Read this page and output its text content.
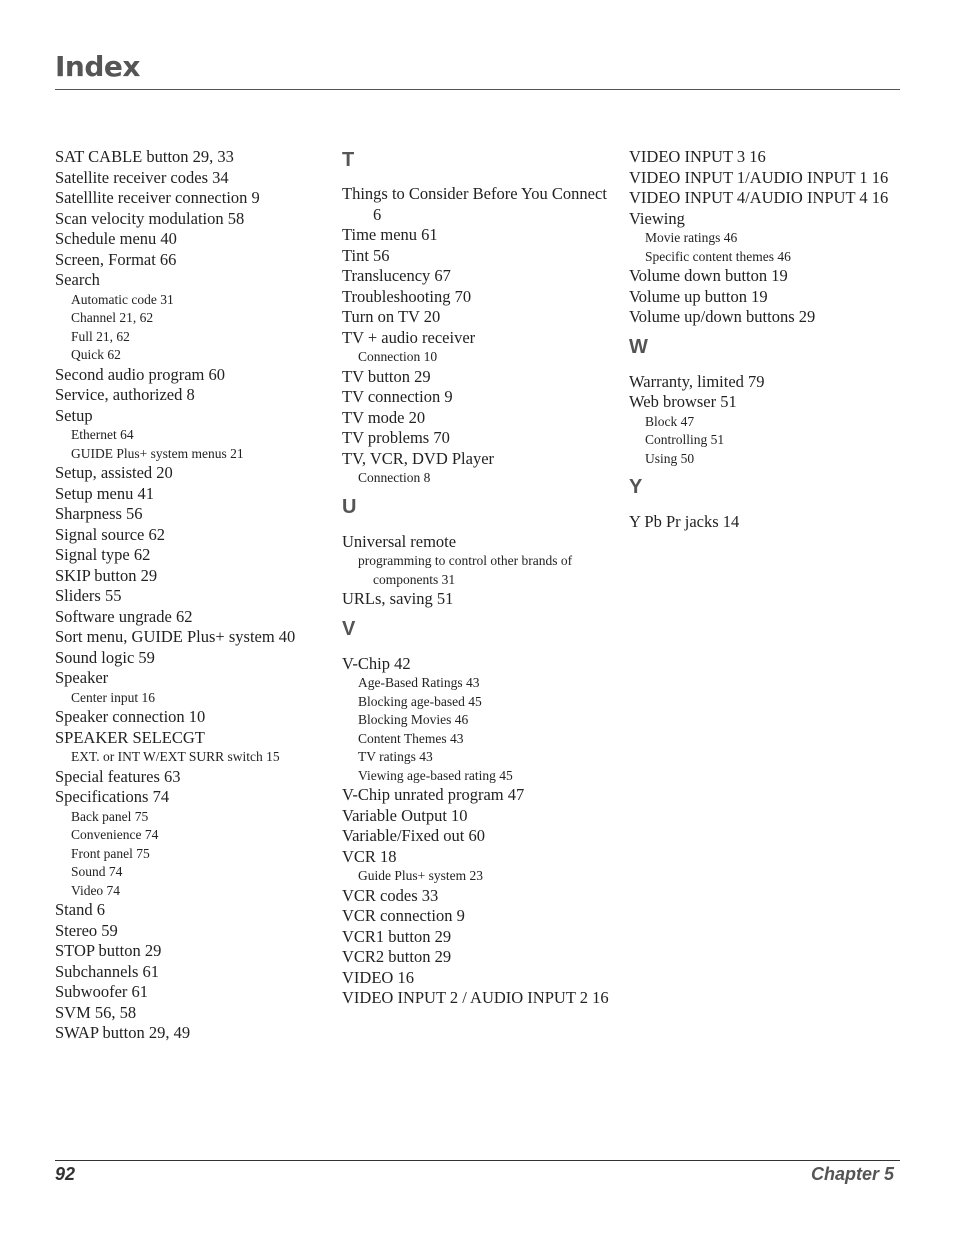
Index
SAT CABLE button 29, 33
Satellite receiver codes 34
Satelllite receiver connection 9
Scan velocity modulation 58
Schedule menu 40
Screen, Format 66
Search
Automatic code 31
Channel 21, 62
Full 21, 62
Quick 62
Second audio program 60
Service, authorized 8
Setup
Ethernet 64
GUIDE Plus+ system menus 21
Setup, assisted 20
Setup menu 41
Sharpness 56
Signal source 62
Signal type 62
SKIP button 29
Sliders 55
Software ungrade 62
Sort menu, GUIDE Plus+ system 40
Sound logic 59
Speaker
Center input 16
Speaker connection 10
SPEAKER SELECGT
EXT. or INT W/EXT SURR switch 15
Special features 63
Specifications 74
Back panel 75
Convenience 74
Front panel 75
Sound 74
Video 74
Stand 6
Stereo 59
STOP button 29
Subchannels 61
Subwoofer 61
SVM 56, 58
SWAP button 29, 49
T
Things to Consider Before You Connect 6
Time menu 61
Tint 56
Translucency 67
Troubleshooting 70
Turn on TV 20
TV + audio receiver
Connection 10
TV button 29
TV connection 9
TV mode 20
TV problems 70
TV, VCR, DVD Player
Connection 8
U
Universal remote
programming to control other brands of components 31
URLs, saving 51
V
V-Chip 42
Age-Based Ratings 43
Blocking age-based 45
Blocking Movies 46
Content Themes 43
TV ratings 43
Viewing age-based rating 45
V-Chip unrated program 47
Variable Output 10
Variable/Fixed out 60
VCR 18
Guide Plus+ system 23
VCR codes 33
VCR connection 9
VCR1 button 29
VCR2 button 29
VIDEO 16
VIDEO INPUT 2 / AUDIO INPUT 2 16
VIDEO INPUT 3 16
VIDEO INPUT 1/AUDIO INPUT 1 16
VIDEO INPUT 4/AUDIO INPUT 4 16
Viewing
Movie ratings 46
Specific content themes 46
Volume down button 19
Volume up button 19
Volume up/down buttons 29
W
Warranty, limited 79
Web browser 51
Block 47
Controlling 51
Using 50
Y
Y Pb Pr jacks 14
92	Chapter 5
